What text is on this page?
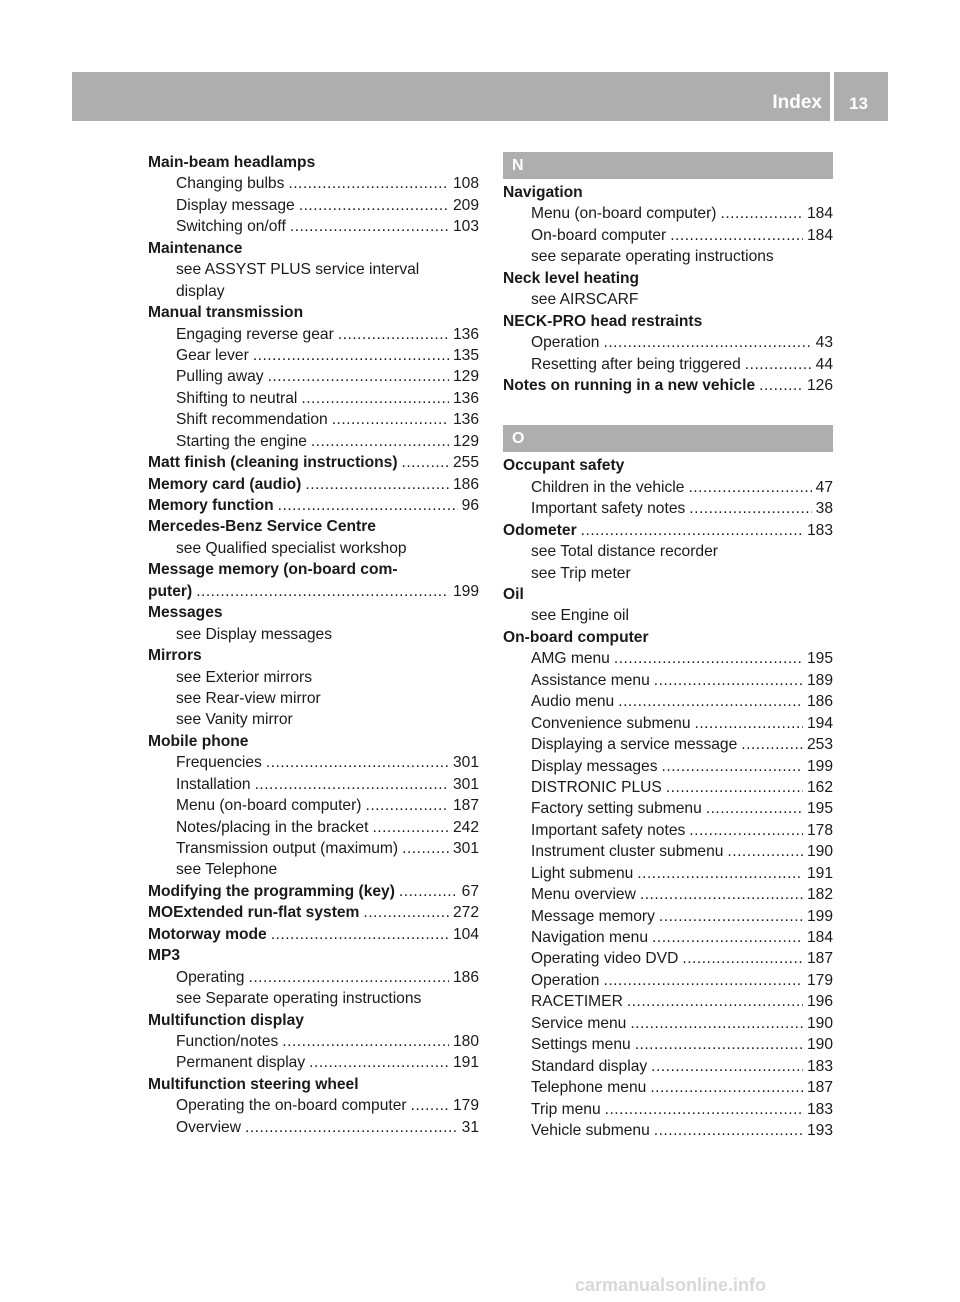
Index 13
Main-beam headlamps
Changing bulbs .....	108
Display message .....	209
Switching on/off .....	103
Maintenance
see ASSYST PLUS service interval
display
Manual transmission
Engaging reverse gear .....	136
Gear lever .....	135
Pulling away .....	129
Shifting to neutral .....	136
Shift recommendation .....	136
Starting the engine .....	129
Matt finish (cleaning instructions) .....	255
Memory card (audio) .....	186
Memory function .....	96
Mercedes-Benz Service Centre
see Qualified specialist workshop
Message memory (on-board com-
puter) .....	199
Messages
see Display messages
Mirrors
see Exterior mirrors
see Rear-view mirror
see Vanity mirror
Mobile phone
Frequencies .....	301
Installation .....	301
Menu (on-board computer) .....	187
Notes/placing in the bracket .....	242
Transmission output (maximum) .....	301
see Telephone
Modifying the programming (key) .....	67
MOExtended run-flat system .....	272
Motorway mode .....	104
MP3
Operating .....	186
see Separate operating instructions
Multifunction display
Function/notes .....	180
Permanent display .....	191
Multifunction steering wheel
Operating the on-board computer .....	179
Overview .....	31
N
Navigation
Menu (on-board computer) .....	184
On-board computer .....	184
see separate operating instructions
Neck level heating
see AIRSCARF
NECK-PRO head restraints
Operation .....	43
Resetting after being triggered .....	44
Notes on running in a new vehicle .....	126
O
Occupant safety
Children in the vehicle .....	47
Important safety notes .....	38
Odometer .....	183
see Total distance recorder
see Trip meter
Oil
see Engine oil
On-board computer
AMG menu .....	195
Assistance menu .....	189
Audio menu .....	186
Convenience submenu .....	194
Displaying a service message .....	253
Display messages .....	199
DISTRONIC PLUS .....	162
Factory setting submenu .....	195
Important safety notes .....	178
Instrument cluster submenu .....	190
Light submenu .....	191
Menu overview .....	182
Message memory .....	199
Navigation menu .....	184
Operating video DVD .....	187
Operation .....	179
RACETIMER .....	196
Service menu .....	190
Settings menu .....	190
Standard display .....	183
Telephone menu .....	187
Trip menu .....	183
Vehicle submenu .....	193
carmanualsonline.info
